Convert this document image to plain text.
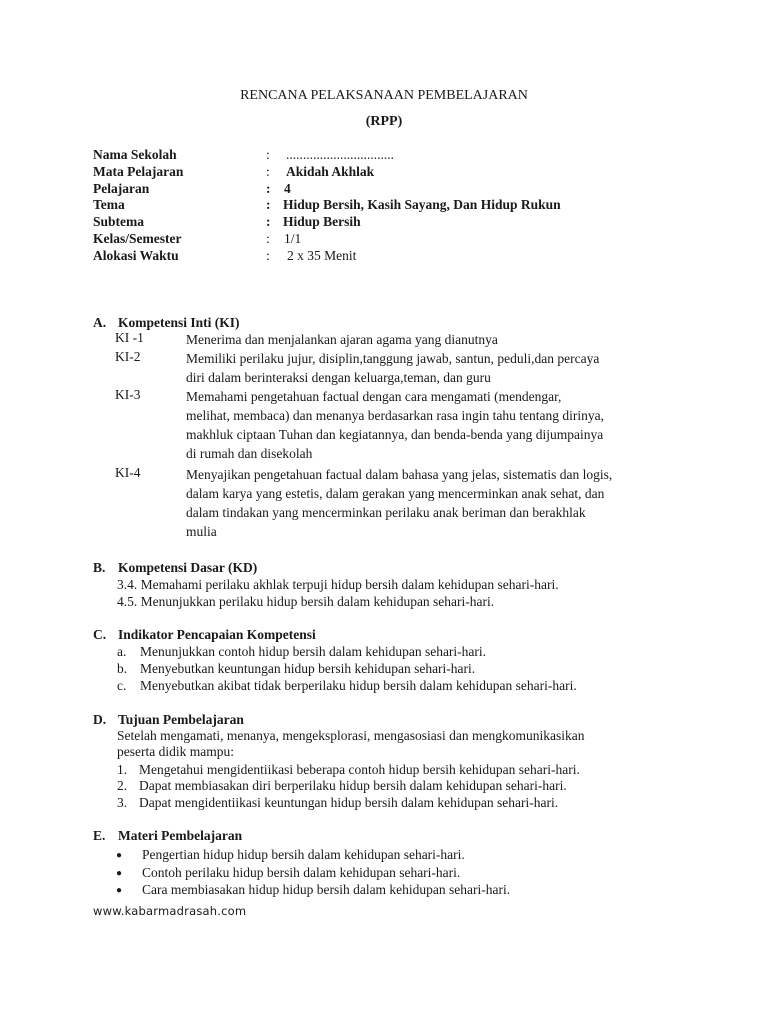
RENCANA PELAKSANAAN PEMBELAJARAN
(RPP)
Nama Sekolah	: ................................
Mata Pelajaran	: Akidah Akhlak
Pelajaran	: 4
Tema	: Hidup Bersih, Kasih Sayang, Dan Hidup Rukun
Subtema	: Hidup Bersih
Kelas/Semester	: 1/1
Alokasi Waktu	: 2 x 35 Menit
A. Kompetensi Inti (KI)
KI -1	Menerima dan menjalankan ajaran agama yang dianutnya
KI-2	Memiliki perilaku jujur, disiplin,tanggung jawab, santun, peduli,dan percaya
diri dalam berinteraksi dengan keluarga,teman, dan guru
KI-3	Memahami pengetahuan factual dengan cara mengamati (mendengar,
melihat, membaca) dan menanya berdasarkan rasa ingin tahu tentang dirinya,
makhluk ciptaan Tuhan dan kegiatannya, dan benda-benda yang dijumpainya
di rumah dan disekolah
KI-4	Menyajikan pengetahuan factual dalam bahasa yang jelas, sistematis dan logis,
dalam karya yang estetis, dalam gerakan yang mencerminkan anak sehat, dan
dalam tindakan yang mencerminkan perilaku anak beriman dan berakhlak
mulia
B. Kompetensi Dasar (KD)
3.4. Memahami perilaku akhlak terpuji hidup bersih dalam kehidupan sehari-hari.
4.5. Menunjukkan perilaku hidup bersih dalam kehidupan sehari-hari.
C. Indikator Pencapaian Kompetensi
a. Menunjukkan contoh hidup bersih dalam kehidupan sehari-hari.
b. Menyebutkan keuntungan hidup bersih kehidupan sehari-hari.
c. Menyebutkan akibat tidak berperilaku hidup bersih dalam kehidupan sehari-hari.
D. Tujuan Pembelajaran
Setelah mengamati, menanya, mengeksplorasi, mengasosiasi dan mengkomunikasikan
peserta didik mampu:
1. Mengetahui mengidentiikasi beberapa contoh hidup bersih kehidupan sehari-hari.
2. Dapat membiasakan diri berperilaku hidup bersih dalam kehidupan sehari-hari.
3. Dapat mengidentiikasi keuntungan hidup bersih dalam kehidupan sehari-hari.
E. Materi Pembelajaran
● Pengertian hidup hidup bersih dalam kehidupan sehari-hari.
● Contoh perilaku hidup bersih dalam kehidupan sehari-hari.
● Cara membiasakan hidup hidup bersih dalam kehidupan sehari-hari.
www.kabarmadrasah.com
